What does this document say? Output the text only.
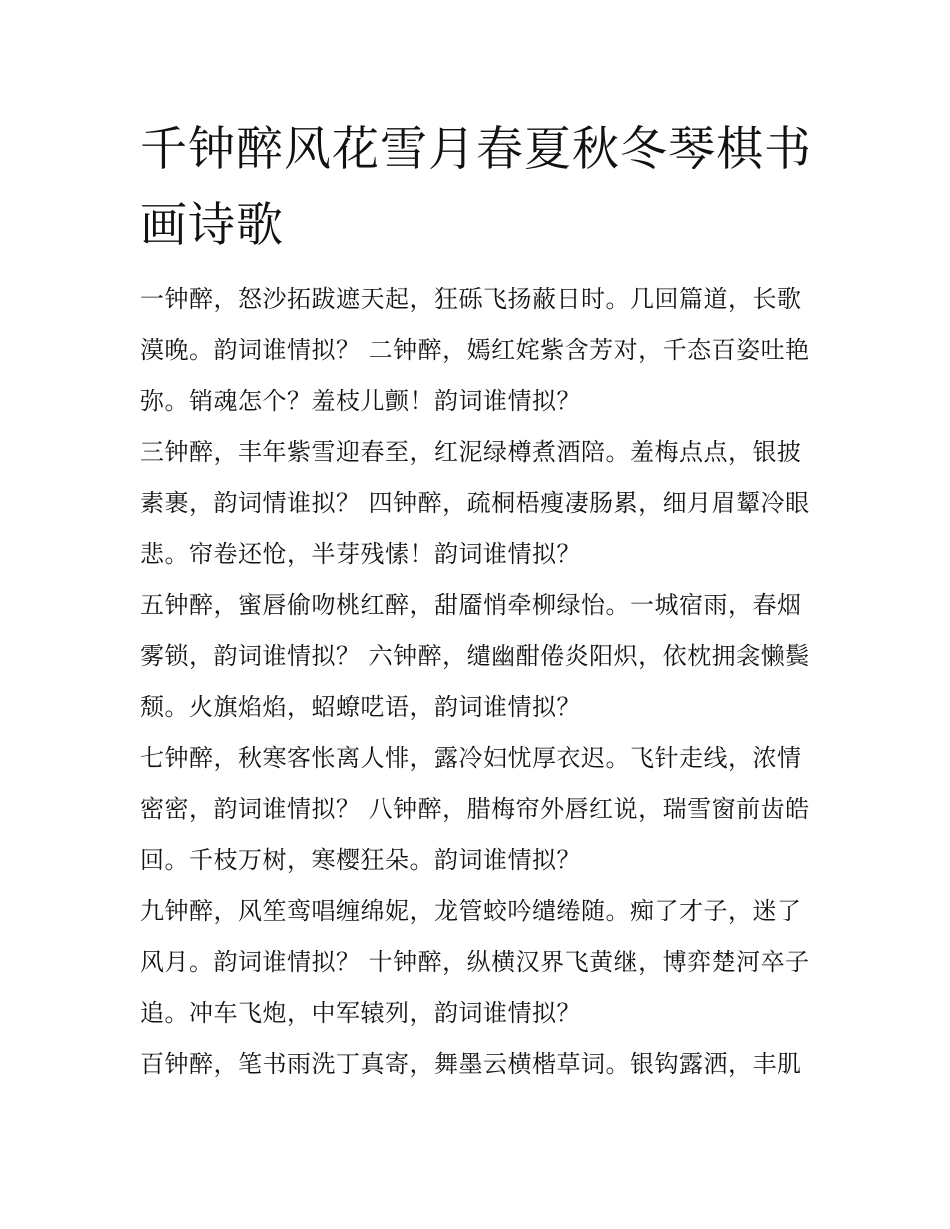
千钟醉风花雪月春夏秋冬琴棋书画诗歌

一钟醉，怒沙拓跋遮天起，狂砾飞扬蔽日时。几回篇道，长歌漠晚。韵词谁情拟？ 二钟醉，嫣红姹紫含芳对，千态百姿吐艳弥。销魂怎个？羞枝儿颤！韵词谁情拟？

三钟醉，丰年紫雪迎春至，红泥绿樽煮酒陪。羞梅点点，银披素裹，韵词情谁拟？ 四钟醉，疏桐梧瘦凄肠累，细月眉颦冷眼悲。帘卷还怆，半芽残愫！韵词谁情拟？

五钟醉，蜜唇偷吻桃红醉，甜靥悄牵柳绿怡。一城宿雨，春烟雾锁，韵词谁情拟？ 六钟醉，缱幽酣倦炎阳炽，依枕拥衾懒鬓颓。火旗焰焰，蛁蟟呓语，韵词谁情拟？

七钟醉，秋寒客怅离人悱，露冷妇忧厚衣迟。飞针走线，浓情密密，韵词谁情拟？ 八钟醉，腊梅帘外唇红说，瑞雪窗前齿皓回。千枝万树，寒樱狂朵。韵词谁情拟？

九钟醉，风笙鸾唱缠绵妮，龙管蛟吟缱绻随。痴了才子，迷了风月。韵词谁情拟？ 十钟醉，纵横汉界飞黄继，博弈楚河卒子追。冲车飞炮，中军辕列，韵词谁情拟？

百钟醉，笔书雨洗丁真寄，舞墨云横楷草词。银钩露洒，丰肌
